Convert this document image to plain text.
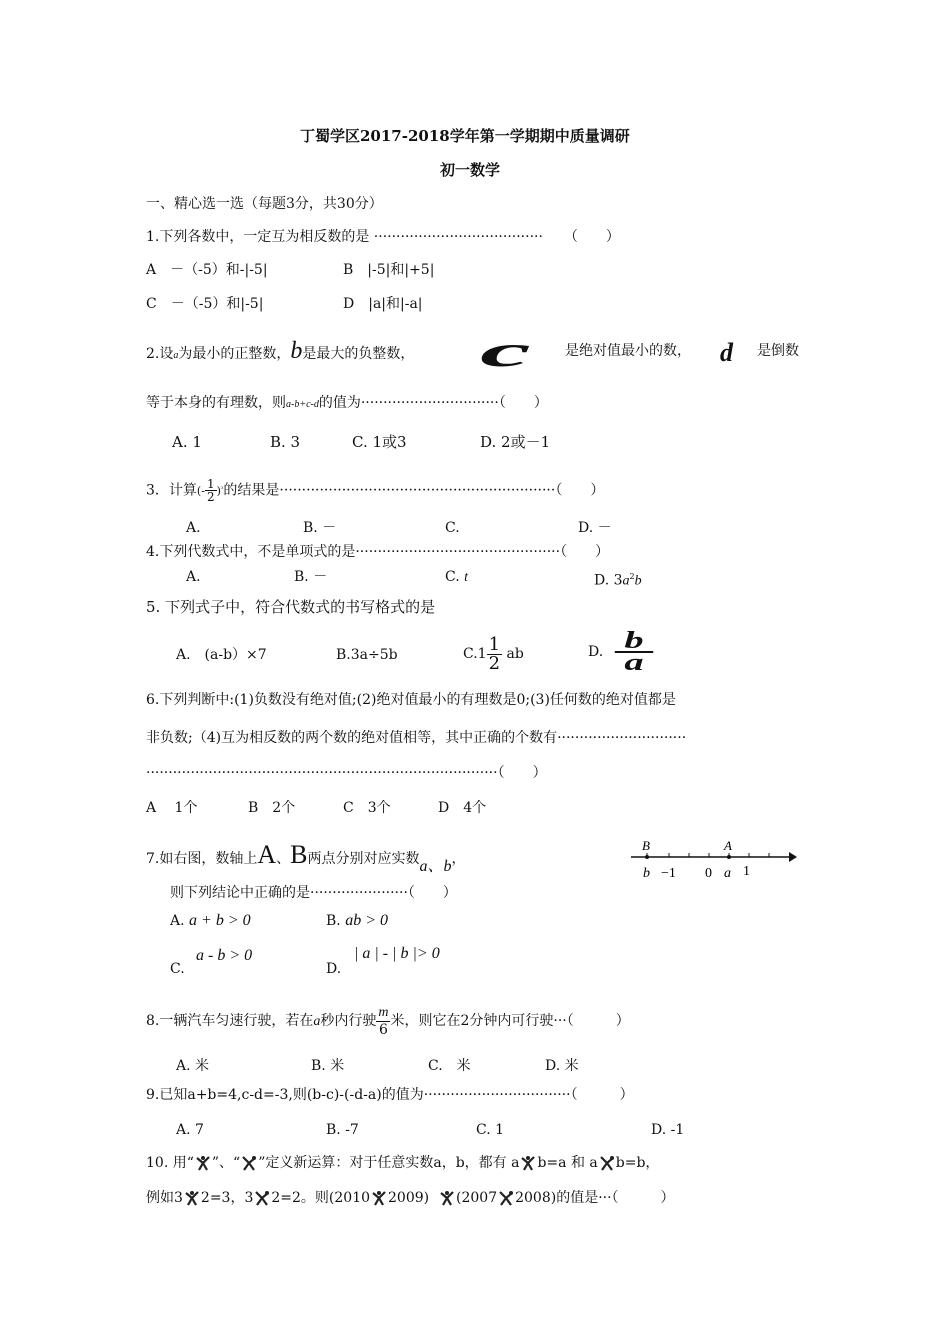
丁蜀学区2017-2018学年第一学期期中质量调研
初一数学
一、精心选一选（每题3分，共30分）
1.下列各数中，一定互为相反数的是 ······································　　（　　）
A　－（-5）和-|-5|	B　|-5|和|+5|
C　－（-5）和|-5|	D　|a|和|-a|
2.设a为最小的正整数，b是最大的负整数， c 是绝对值最小的数， d 是倒数
等于本身的有理数，则a-b+c-d的值为·······························（　　）
A. 1	B. 3	C. 1或3	D. 2或－1
3．计算(- $\frac{1}{2} )^3$的结果是······························································（　　）
A.	B. －	C.	D. －
4.下列代数式中，不是单项式的是··············································（　　）
A.	B. －	C. t	D. $3a^2b$
5. 下列式子中，符合代数式的书写格式的是
A.　(a-b）×7	B.3a÷5b	$C.1 \frac{1}{2}$ ab	D. $\frac{b}{a}$
6.下列判断中:(1)负数没有绝对值;(2)绝对值最小的有理数是0;(3)任何数的绝对值都是
非负数;（4)互为相反数的两个数的绝对值相等，其中正确的个数有·····························
···············································································（　　）
A　 1个	B　2个	C　3个	D　4个
7.如右图，数轴上A、B两点分别对应实数a、b，
B	A
b −1 0 a 1
则下列结论中正确的是······················（　　）
A. a + b > 0	B. ab > 0
a - b > 0
C.
| a | - | b |> 0
D.
8.一辆汽车匀速行驶，若在a秒内行驶 $\frac{m}{6}$ 米，则它在2分钟内可行驶···（　　　）
A. 米	B. 米	C.　米	D. 米
9.已知a+b=4,c-d=-3,则(b-c)-(-d-a)的值为·································（　　　）
A. 7	B. -7	C. 1	D. -1
10. 用“ ”、“ ”定义新运算：对于任意实数a，b，都有 a b=a 和 a b=b，
例如3 2=3，3 2=2。则(2010 2009) (2007 2008)的值是···（　　　）
